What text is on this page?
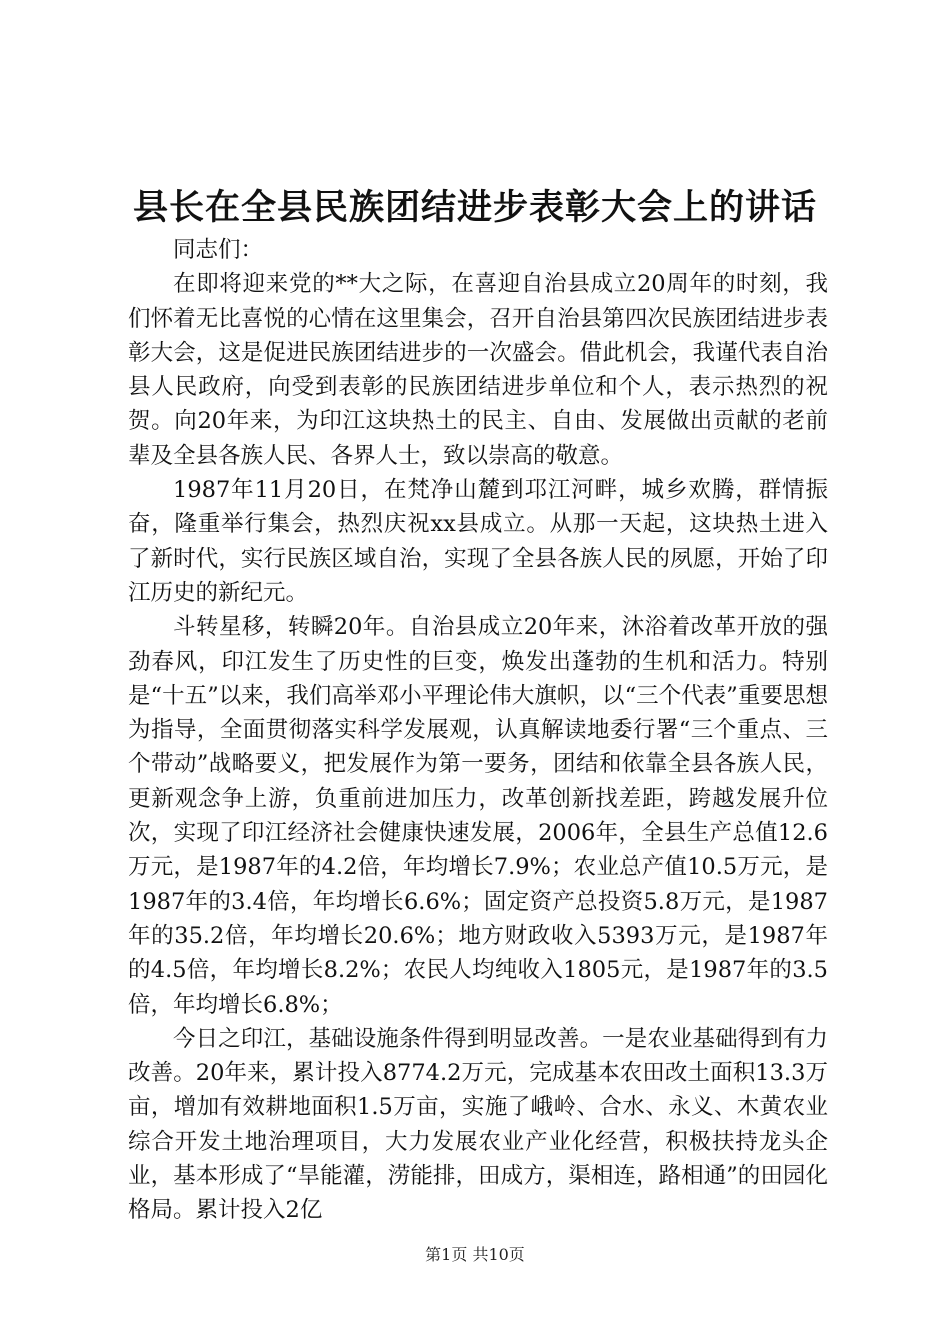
县长在全县民族团结进步表彰大会上的讲话

同志们：

在即将迎来党的**大之际，在喜迎自治县成立20周年的时刻，我们怀着无比喜悦的心情在这里集会，召开自治县第四次民族团结进步表彰大会，这是促进民族团结进步的一次盛会。借此机会，我谨代表自治县人民政府，向受到表彰的民族团结进步单位和个人，表示热烈的祝贺。向20年来，为印江这块热土的民主、自由、发展做出贡献的老前辈及全县各族人民、各界人士，致以崇高的敬意。

1987年11月20日，在梵净山麓到邛江河畔，城乡欢腾，群情振奋，隆重举行集会，热烈庆祝xx县成立。从那一天起，这块热土进入了新时代，实行民族区域自治，实现了全县各族人民的夙愿，开始了印江历史的新纪元。

斗转星移，转瞬20年。自治县成立20年来，沐浴着改革开放的强劲春风，印江发生了历史性的巨变，焕发出蓬勃的生机和活力。特别是“十五”以来，我们高举邓小平理论伟大旗帜，以“三个代表”重要思想为指导，全面贯彻落实科学发展观，认真解读地委行署“三个重点、三个带动”战略要义，把发展作为第一要务，团结和依靠全县各族人民，更新观念争上游，负重前进加压力，改革创新找差距，跨越发展升位次，实现了印江经济社会健康快速发展，2006年，全县生产总值12.6万元，是1987年的4.2倍，年均增长7.9%；农业总产值10.5万元，是1987年的3.4倍，年均增长6.6%；固定资产总投资5.8万元，是1987年的35.2倍，年均增长20.6%；地方财政收入5393万元，是1987年的4.5倍，年均增长8.2%；农民人均纯收入1805元，是1987年的3.5倍，年均增长6.8%；

今日之印江，基础设施条件得到明显改善。一是农业基础得到有力改善。20年来，累计投入8774.2万元，完成基本农田改土面积13.3万亩，增加有效耕地面积1.5万亩，实施了峨岭、合水、永义、木黄农业综合开发土地治理项目，大力发展农业产业化经营，积极扶持龙头企业，基本形成了“旱能灌，涝能排，田成方，渠相连，路相通”的田园化格局。累计投入2亿

第1页 共10页
